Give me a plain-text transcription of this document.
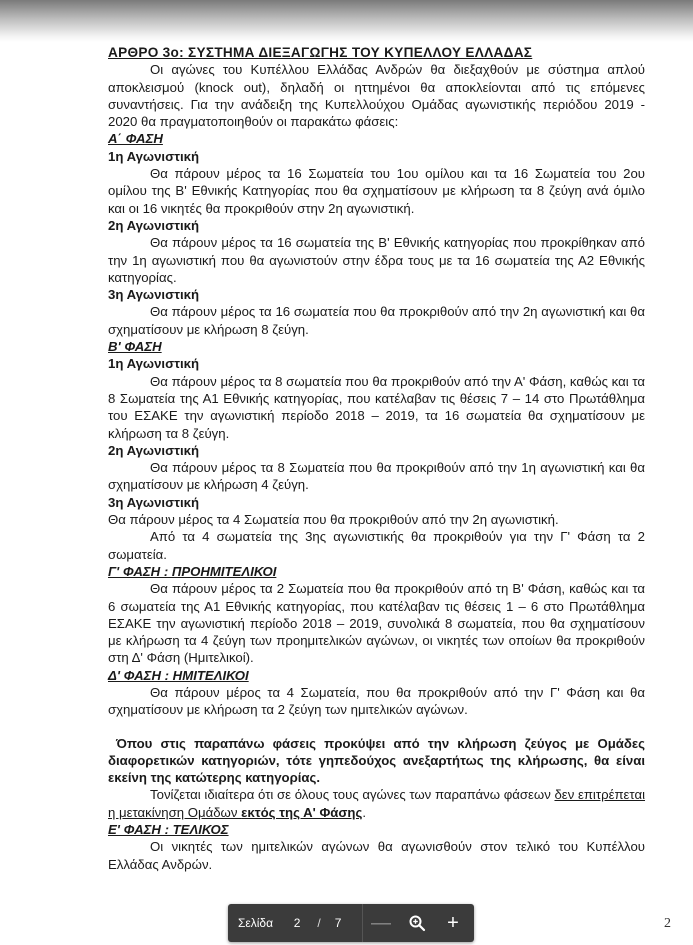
ΑΡΘΡΟ 3ο: ΣΥΣΤΗΜΑ ΔΙΕΞΑΓΩΓΗΣ ΤΟΥ ΚΥΠΕΛΛΟΥ ΕΛΛΑΔΑΣ

Οι αγώνες του Κυπέλλου Ελλάδας Ανδρών θα διεξαχθούν με σύστημα απλού αποκλεισμού (knock out), δηλαδή οι ηττημένοι θα αποκλείονται από τις επόμενες συναντήσεις. Για την ανάδειξη της Κυπελλούχου Ομάδας αγωνιστικής περιόδου 2019 - 2020 θα πραγματοποιηθούν οι παρακάτω φάσεις:

Α΄ ΦΑΣΗ

1η Αγωνιστική

Θα πάρουν μέρος τα 16 Σωματεία του 1ου ομίλου και τα 16 Σωματεία του 2ου ομίλου της Β' Εθνικής Κατηγορίας που θα σχηματίσουν με κλήρωση τα 8 ζεύγη ανά όμιλο και οι 16 νικητές θα προκριθούν στην 2η αγωνιστική.

2η Αγωνιστική

Θα πάρουν μέρος τα 16 σωματεία της Β' Εθνικής κατηγορίας που προκρίθηκαν από την 1η αγωνιστική που θα αγωνιστούν στην έδρα τους με τα 16 σωματεία της Α2 Εθνικής κατηγορίας.

3η Αγωνιστική

Θα πάρουν μέρος τα 16 σωματεία που θα προκριθούν από την 2η αγωνιστική και θα σχηματίσουν με κλήρωση 8 ζεύγη.

Β' ΦΑΣΗ

1η Αγωνιστική

Θα πάρουν μέρος τα 8 σωματεία που θα προκριθούν από την Α' Φάση, καθώς και τα 8 Σωματεία της Α1 Εθνικής κατηγορίας, που κατέλαβαν τις θέσεις 7 – 14 στο Πρωτάθλημα του ΕΣΑΚΕ την αγωνιστική περίοδο 2018 – 2019, τα 16 σωματεία θα σχηματίσουν με κλήρωση τα 8 ζεύγη.

2η Αγωνιστική

Θα πάρουν μέρος τα 8 Σωματεία που θα προκριθούν από την 1η αγωνιστική και θα σχηματίσουν με κλήρωση 4 ζεύγη.

3η Αγωνιστική

Θα πάρουν μέρος τα 4 Σωματεία που θα προκριθούν από την 2η αγωνιστική.

Από τα 4 σωματεία της 3ης αγωνιστικής θα προκριθούν για την Γ' Φάση τα 2 σωματεία.

Γ' ΦΑΣΗ : ΠΡΟΗΜΙΤΕΛΙΚΟΙ

Θα πάρουν μέρος τα 2 Σωματεία που θα προκριθούν από τη Β' Φάση, καθώς και τα 6 σωματεία της Α1 Εθνικής κατηγορίας, που κατέλαβαν τις θέσεις 1 – 6 στο Πρωτάθλημα ΕΣΑΚΕ την αγωνιστική περίοδο 2018 – 2019, συνολικά 8 σωματεία, που θα σχηματίσουν με κλήρωση τα 4 ζεύγη των προημιτελικών αγώνων, οι νικητές των οποίων θα προκριθούν στη Δ' Φάση (Ημιτελικοί).

Δ' ΦΑΣΗ : ΗΜΙΤΕΛΙΚΟΙ

Θα πάρουν μέρος τα 4 Σωματεία, που θα προκριθούν από την Γ' Φάση και θα σχηματίσουν με κλήρωση τα 2 ζεύγη των ημιτελικών αγώνων.

Όπου στις παραπάνω φάσεις προκύψει από την κλήρωση ζεύγος με Ομάδες διαφορετικών κατηγοριών, τότε γηπεδούχος ανεξαρτήτως της κλήρωσης, θα είναι εκείνη της κατώτερης κατηγορίας.

Τονίζεται ιδιαίτερα ότι σε όλους τους αγώνες των παραπάνω φάσεων δεν επιτρέπεται η μετακίνηση Ομάδων εκτός της Α' Φάσης.

Ε' ΦΑΣΗ : ΤΕΛΙΚΟΣ

Οι νικητές των ημιτελικών αγώνων θα αγωνισθούν στον τελικό του Κυπέλλου Ελλάδας Ανδρών.

2
Σελίδα	2	/	7 —	+
